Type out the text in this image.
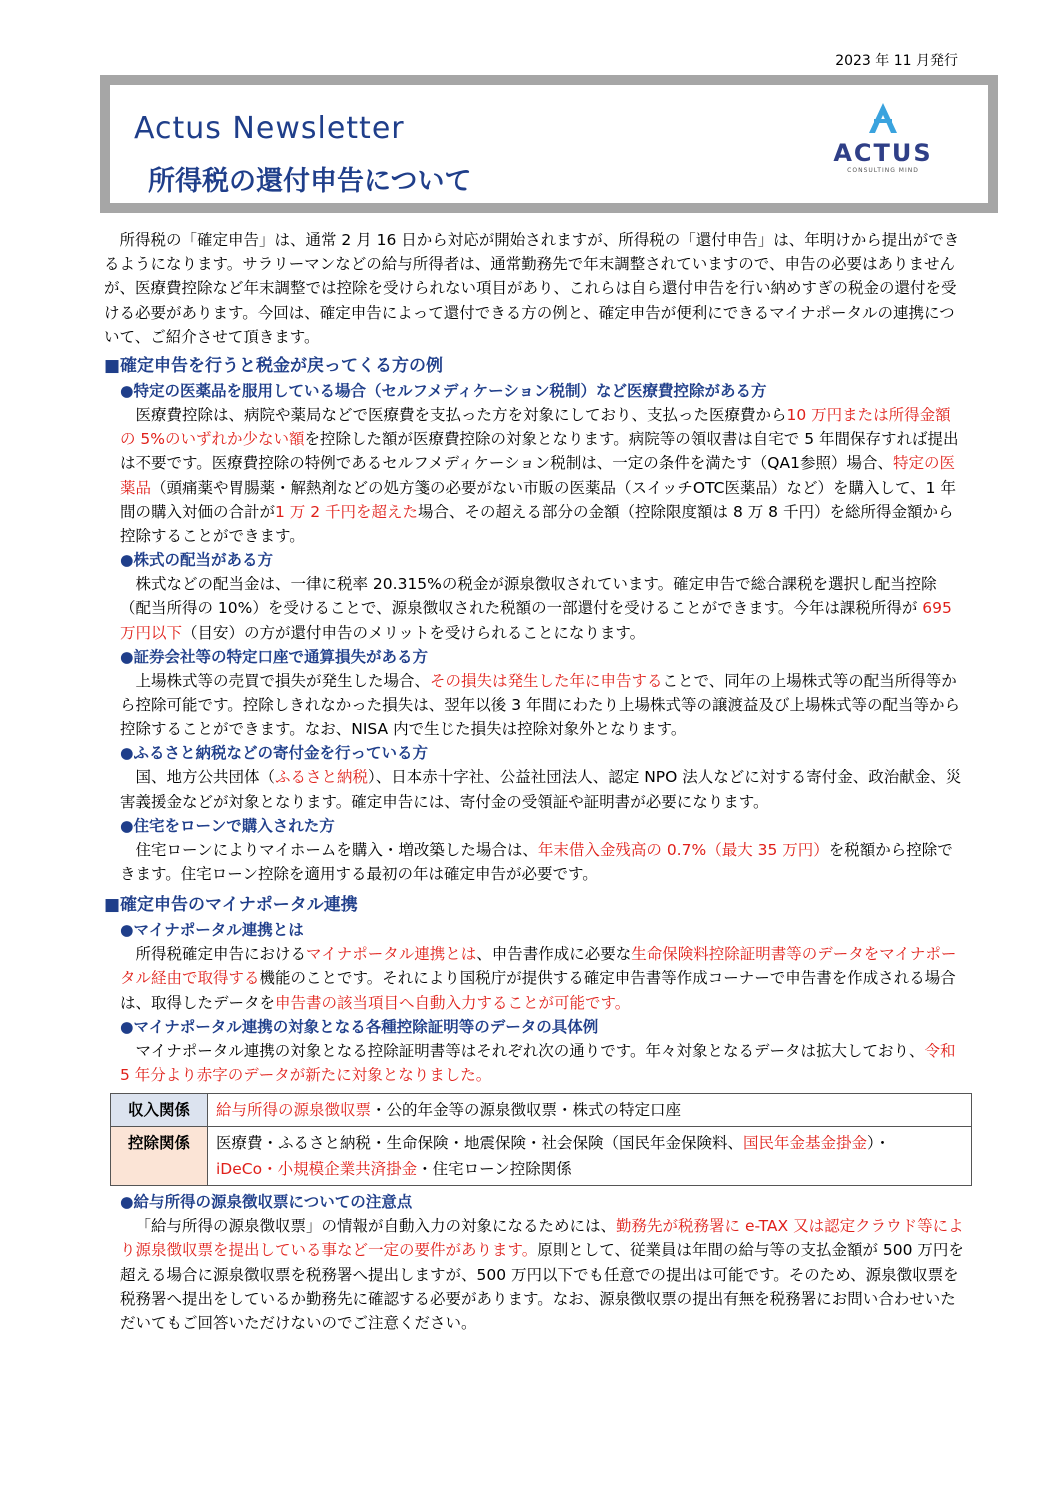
2023 年 11 月発行
Actus Newsletter
所得税の還付申告について
ACTUS
CONSULTING MIND

所得税の「確定申告」は、通常 2 月 16 日から対応が開始されますが、所得税の「還付申告」は、年明けから提出ができるようになります。サラリーマンなどの給与所得者は、通常勤務先で年末調整されていますので、申告の必要はありませんが、医療費控除など年末調整では控除を受けられない項目があり、これらは自ら還付申告を行い納めすぎの税金の還付を受ける必要があります。今回は、確定申告によって還付できる方の例と、確定申告が便利にできるマイナポータルの連携について、ご紹介させて頂きます。

■確定申告を行うと税金が戻ってくる方の例
●特定の医薬品を服用している場合（セルフメディケーション税制）など医療費控除がある方

医療費控除は、病院や薬局などで医療費を支払った方を対象にしており、支払った医療費から10 万円または所得金額の 5%のいずれか少ない額を控除した額が医療費控除の対象となります。病院等の領収書は自宅で 5 年間保存すれば提出は不要です。医療費控除の特例であるセルフメディケーション税制は、一定の条件を満たす（QA1参照）場合、特定の医薬品（頭痛薬や胃腸薬・解熱剤などの処方箋の必要がない市販の医薬品（スイッチOTC医薬品）など）を購入して、1 年間の購入対価の合計が1 万 2 千円を超えた場合、その超える部分の金額（控除限度額は 8 万 8 千円）を総所得金額から控除することができます。

●株式の配当がある方

株式などの配当金は、一律に税率 20.315%の税金が源泉徴収されています。確定申告で総合課税を選択し配当控除（配当所得の 10%）を受けることで、源泉徴収された税額の一部還付を受けることができます。今年は課税所得が 695 万円以下（目安）の方が還付申告のメリットを受けられることになります。

●証券会社等の特定口座で通算損失がある方

上場株式等の売買で損失が発生した場合、その損失は発生した年に申告することで、同年の上場株式等の配当所得等から控除可能です。控除しきれなかった損失は、翌年以後 3 年間にわたり上場株式等の譲渡益及び上場株式等の配当等から控除することができます。なお、NISA 内で生じた損失は控除対象外となります。

●ふるさと納税などの寄付金を行っている方

国、地方公共団体（ふるさと納税）、日本赤十字社、公益社団法人、認定 NPO 法人などに対する寄付金、政治献金、災害義援金などが対象となります。確定申告には、寄付金の受領証や証明書が必要になります。

●住宅をローンで購入された方

住宅ローンによりマイホームを購入・増改築した場合は、年末借入金残高の 0.7%（最大 35 万円）を税額から控除できます。住宅ローン控除を適用する最初の年は確定申告が必要です。

■確定申告のマイナポータル連携
●マイナポータル連携とは

所得税確定申告におけるマイナポータル連携とは、申告書作成に必要な生命保険料控除証明書等のデータをマイナポータル経由で取得する機能のことです。それにより国税庁が提供する確定申告書等作成コーナーで申告書を作成される場合は、取得したデータを申告書の該当項目へ自動入力することが可能です。

●マイナポータル連携の対象となる各種控除証明等のデータの具体例

マイナポータル連携の対象となる控除証明書等はそれぞれ次の通りです。年々対象となるデータは拡大しており、令和 5 年分より赤字のデータが新たに対象となりました。

収入関係	給与所得の源泉徴収票・公的年金等の源泉徴収票・株式の特定口座
控除関係	医療費・ふるさと納税・生命保険・地震保険・社会保険（国民年金保険料、国民年金基金掛金）・
iDeCo・小規模企業共済掛金・住宅ローン控除関係
●給与所得の源泉徴収票についての注意点

「給与所得の源泉徴収票」の情報が自動入力の対象になるためには、勤務先が税務署に e-TAX 又は認定クラウド等により源泉徴収票を提出している事など一定の要件があります。原則として、従業員は年間の給与等の支払金額が 500 万円を超える場合に源泉徴収票を税務署へ提出しますが、500 万円以下でも任意での提出は可能です。そのため、源泉徴収票を税務署へ提出をしているか勤務先に確認する必要があります。なお、源泉徴収票の提出有無を税務署にお問い合わせいただいてもご回答いただけないのでご注意ください。
